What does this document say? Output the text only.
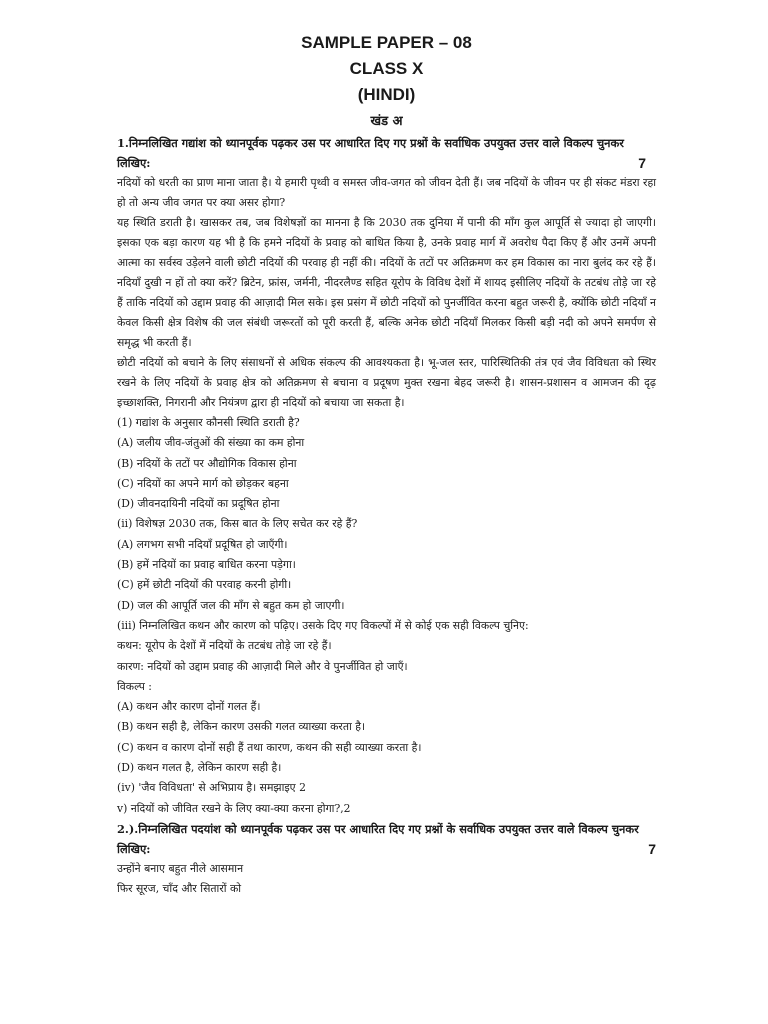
SAMPLE PAPER – 08
CLASS X
(HINDI)
खंड अ
1.निम्नलिखित गद्यांश को ध्यानपूर्वक पढ़कर उस पर आधारित दिए गए प्रश्नों के सर्वाधिक उपयुक्त उत्तर वाले विकल्प चुनकर लिखिए:	7

नदियों को धरती का प्राण माना जाता है। ये हमारी पृथ्वी व समस्त जीव-जगत को जीवन देती हैं। जब नदियों के जीवन पर ही संकट मंडरा रहा हो तो अन्य जीव जगत पर क्या असर होगा?

यह स्थिति डराती है। खासकर तब, जब विशेषज्ञों का मानना है कि 2030 तक दुनिया में पानी की माँग कुल आपूर्ति से ज्यादा हो जाएगी। इसका एक बड़ा कारण यह भी है कि हमने नदियों के प्रवाह को बाधित किया है, उनके प्रवाह मार्ग में अवरोध पैदा किए हैं और उनमें अपनी आत्मा का सर्वस्व उड़ेलने वाली छोटी नदियों की परवाह ही नहीं की। नदियों के तटों पर अतिक्रमण कर हम विकास का नारा बुलंद कर रहे हैं। नदियाँ दुखी न हों तो क्या करें? ब्रिटेन, फ्रांस, जर्मनी, नीदरलैण्ड सहित यूरोप के विविध देशों में शायद इसीलिए नदियों के तटबंध तोड़े जा रहे हैं ताकि नदियों को उद्दाम प्रवाह की आज़ादी मिल सके। इस प्रसंग में छोटी नदियों को पुनर्जीवित करना बहुत जरूरी है, क्योंकि छोटी नदियाँ न केवल किसी क्षेत्र विशेष की जल संबंधी जरूरतों को पूरी करती हैं, बल्कि अनेक छोटी नदियाँ मिलकर किसी बड़ी नदी को अपने समर्पण से समृद्ध भी करती हैं।

छोटी नदियों को बचाने के लिए संसाधनों से अधिक संकल्प की आवश्यकता है। भू-जल स्तर, पारिस्थितिकी तंत्र एवं जैव विविधता को स्थिर रखने के लिए नदियों के प्रवाह क्षेत्र को अतिक्रमण से बचाना व प्रदूषण मुक्त रखना बेहद जरूरी है। शासन-प्रशासन व आमजन की दृढ़ इच्छाशक्ति, निगरानी और नियंत्रण द्वारा ही नदियों को बचाया जा सकता है।

(1) गद्यांश के अनुसार कौनसी स्थिति डराती है?
(A) जलीय जीव-जंतुओं की संख्या का कम होना
(B) नदियों के तटों पर औद्योगिक विकास होना
(C) नदियों का अपने मार्ग को छोड़कर बहना
(D) जीवनदायिनी नदियों का प्रदूषित होना
(ii) विशेषज्ञ 2030 तक, किस बात के लिए सचेत कर रहे हैं?
(A) लगभग सभी नदियाँ प्रदूषित हो जाएँगी।
(B) हमें नदियों का प्रवाह बाधित करना पड़ेगा।
(C) हमें छोटी नदियों की परवाह करनी होगी।
(D) जल की आपूर्ति जल की माँग से बहुत कम हो जाएगी।
(iii) निम्नलिखित कथन और कारण को पढ़िए। उसके दिए गए विकल्पों में से कोई एक सही विकल्प चुनिए:
कथन: यूरोप के देशों में नदियों के तटबंध तोड़े जा रहे हैं।
कारण: नदियों को उद्दाम प्रवाह की आज़ादी मिले और वे पुनर्जीवित हो जाएँ।
विकल्प :
(A) कथन और कारण दोनों गलत हैं।
(B) कथन सही है, लेकिन कारण उसकी गलत व्याख्या करता है।
(C) कथन व कारण दोनों सही हैं तथा कारण, कथन की सही व्याख्या करता है।
(D) कथन गलत है, लेकिन कारण सही है।
(iv) 'जैव विविधता' से अभिप्राय है। समझाइए 2
v) नदियों को जीवित रखने के लिए क्या-क्या करना होगा?,2
2.).निम्नलिखित पदयांश को ध्यानपूर्वक पढ़कर उस पर आधारित दिए गए प्रश्नों के सर्वाधिक उपयुक्त उत्तर वाले विकल्प चुनकर लिखिए:	7
उन्होंने बनाए बहुत नीले आसमान
फिर सूरज, चाँद और सितारों को
